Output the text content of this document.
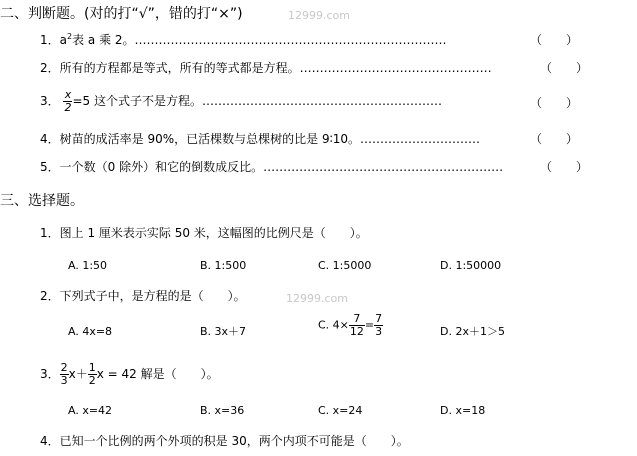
二、判断题。(对的打“√”，错的打“×”)	12999.com
1．$a^2$表 a 乘 2。……………………………………………………………………	（　　）
2．所有的方程都是等式，所有的等式都是方程。…………………………………………	（　　）
3． $\frac{x}{2} =5$ 这个式子不是方程。……………………………………………………	（　　）
4．树苗的成活率是 90%，已活棵数与总棵树的比是 9∶10。…………………………	（　　）
5．一个数（0 除外）和它的倒数成反比。……………………………………………………	（　　）
三、选择题。
1．图上 1 厘米表示实际 50 米，这幅图的比例尺是（　　）。
A. 1:50	B. 1:500	C. 1:5000	D. 1:50000
2．下列式子中，是方程的是（　　）。	12999.com
A. 4x=8	B. 3x＋7	C. $4\times \frac{7}{12} = \frac{7}{3}$	D. 2x＋1＞5
3． $\frac{2}{3} x+ \frac{1}{2}$ x = 42 解是（　　）。
A. x=42	B. x=36	C. x=24	D. x=18
4．已知一个比例的两个外项的积是 30，两个内项不可能是（　　）。
